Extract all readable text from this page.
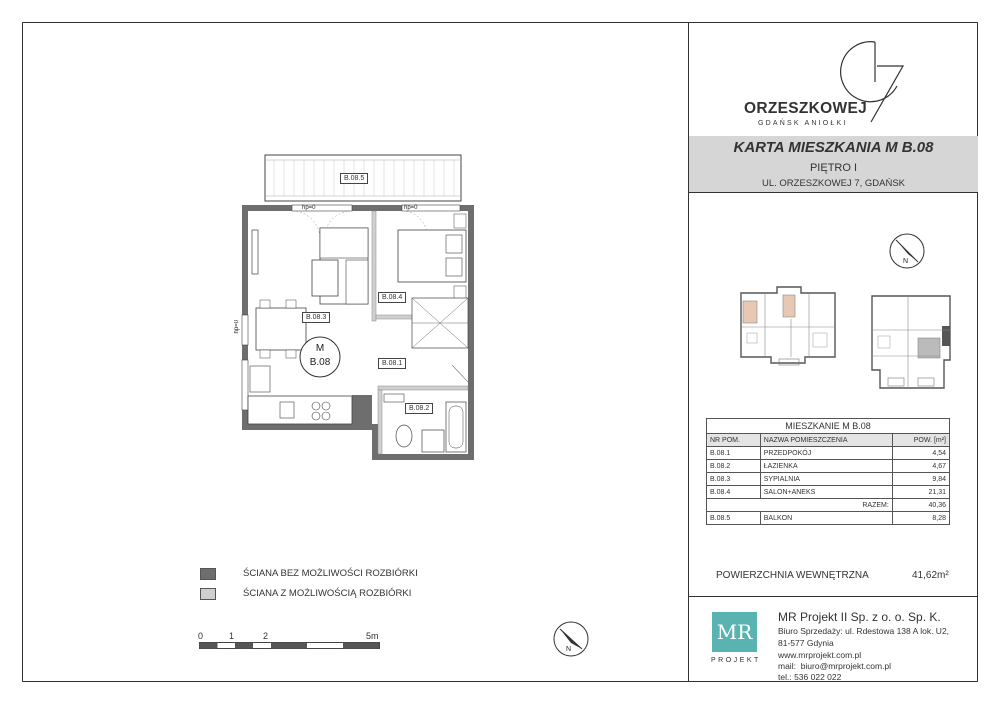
ORZESZKOWEJ
GDAŃSK ANIOŁKI
KARTA MIESZKANIA M B.08
PIĘTRO I
UL. ORZESZKOWEJ 7, GDAŃSK
N
MIESZKANIE M B.08		
NR POM.	NAZWA POMIESZCZENIA	POW. [m²]
B.08.1	PRZEDPOKÓJ	4,54
B.08.2	ŁAZIENKA	4,67
B.08.3	SYPIALNIA	9,84
B.08.4	SALON+ANEKS	21,31
RAZEM:		40,36
B.08.5	BALKON	8,28
POWIERZCHNIA WEWNĘTRZNA	41,62m²
MR
PROJEKT
MR Projekt II Sp. z o. o. Sp. K.
Biuro Sprzedaży: ul. Rdestowa 138 A lok. U2,
81-577 Gdynia
www.mrprojekt.com.pl
mail: biuro@mrprojekt.com.pl
tel.: 536 022 022
ŚCIANA BEZ MOŻLIWOŚCI ROZBIÓRKI
ŚCIANA Z MOŻLIWOŚCIĄ ROZBIÓRKI
0	1	2	5m
N
B.08.5
B.08.4
B.08.3
B.08.1
B.08.2
hp=0	hp=0
hp=0
M
B.08
